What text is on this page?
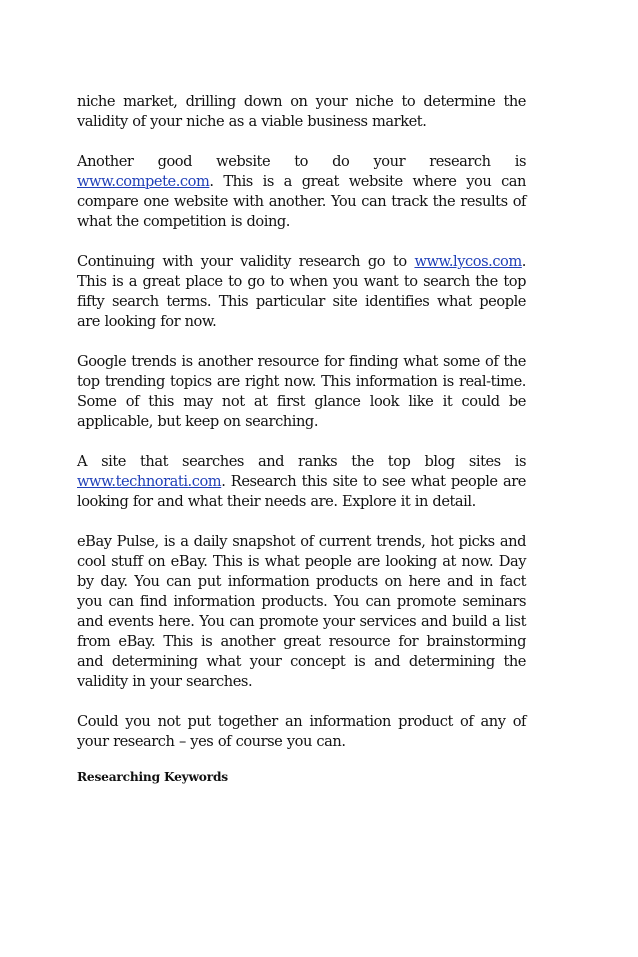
niche market, drilling down on your niche to determine the validity of your niche as a viable business market.

Another good website to do your research is www.compete.com. This is a great website where you can compare one website with another. You can track the results of what the competition is doing.

Continuing with your validity research go to www.lycos.com. This is a great place to go to when you want to search the top fifty search terms. This particular site identifies what people are looking for now.

Google trends is another resource for finding what some of the top trending topics are right now. This information is real-time. Some of this may not at first glance look like it could be applicable, but keep on searching.

A site that searches and ranks the top blog sites is www.technorati.com. Research this site to see what people are looking for and what their needs are. Explore it in detail.

eBay Pulse, is a daily snapshot of current trends, hot picks and cool stuff on eBay. This is what people are looking at now. Day by day. You can put information products on here and in fact you can find information products. You can promote seminars and events here. You can promote your services and build a list from eBay. This is another great resource for brainstorming and determining what your concept is and determining the validity in your searches.

Could you not put together an information product of any of your research – yes of course you can.

Researching Keywords
